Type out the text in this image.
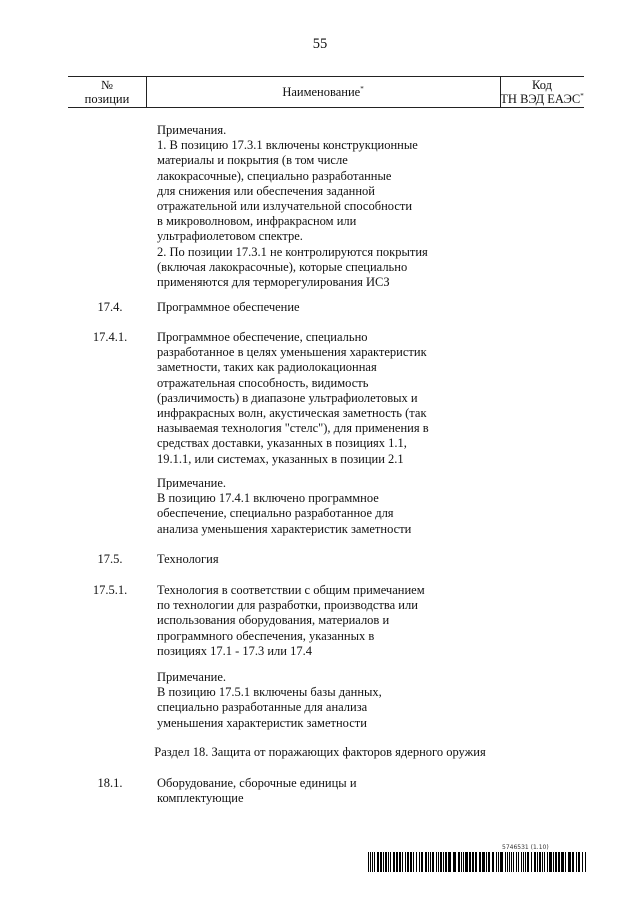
55
№
позиции	Наименование*	Код
ТН ВЭД ЕАЭС*
Примечания.
1. В позицию 17.3.1 включены конструкционные
материалы и покрытия (в том числе
лакокрасочные), специально разработанные
для снижения или обеспечения заданной
отражательной или излучательной способности
в микроволновом, инфракрасном или
ультрафиолетовом спектре.
2. По позиции 17.3.1 не контролируются покрытия
(включая лакокрасочные), которые специально
применяются для терморегулирования ИСЗ
17.4.	Программное обеспечение
17.4.1.	Программное обеспечение, специально
разработанное в целях уменьшения характеристик
заметности, таких как радиолокационная
отражательная способность, видимость
(различимость) в диапазоне ультрафиолетовых и
инфракрасных волн, акустическая заметность (так
называемая технология "стелс"), для применения в
средствах доставки, указанных в позициях 1.1,
19.1.1, или системах, указанных в позиции 2.1
Примечание.
В позицию 17.4.1 включено программное
обеспечение, специально разработанное для
анализа уменьшения характеристик заметности
17.5.	Технология
17.5.1.	Технология в соответствии с общим примечанием
по технологии для разработки, производства или
использования оборудования, материалов и
программного обеспечения, указанных в
позициях 17.1 - 17.3 или 17.4
Примечание.
В позицию 17.5.1 включены базы данных,
специально разработанные для анализа
уменьшения характеристик заметности
Раздел 18. Защита от поражающих факторов ядерного оружия
18.1.	Оборудование, сборочные единицы и
комплектующие
5746531 (1.10)
